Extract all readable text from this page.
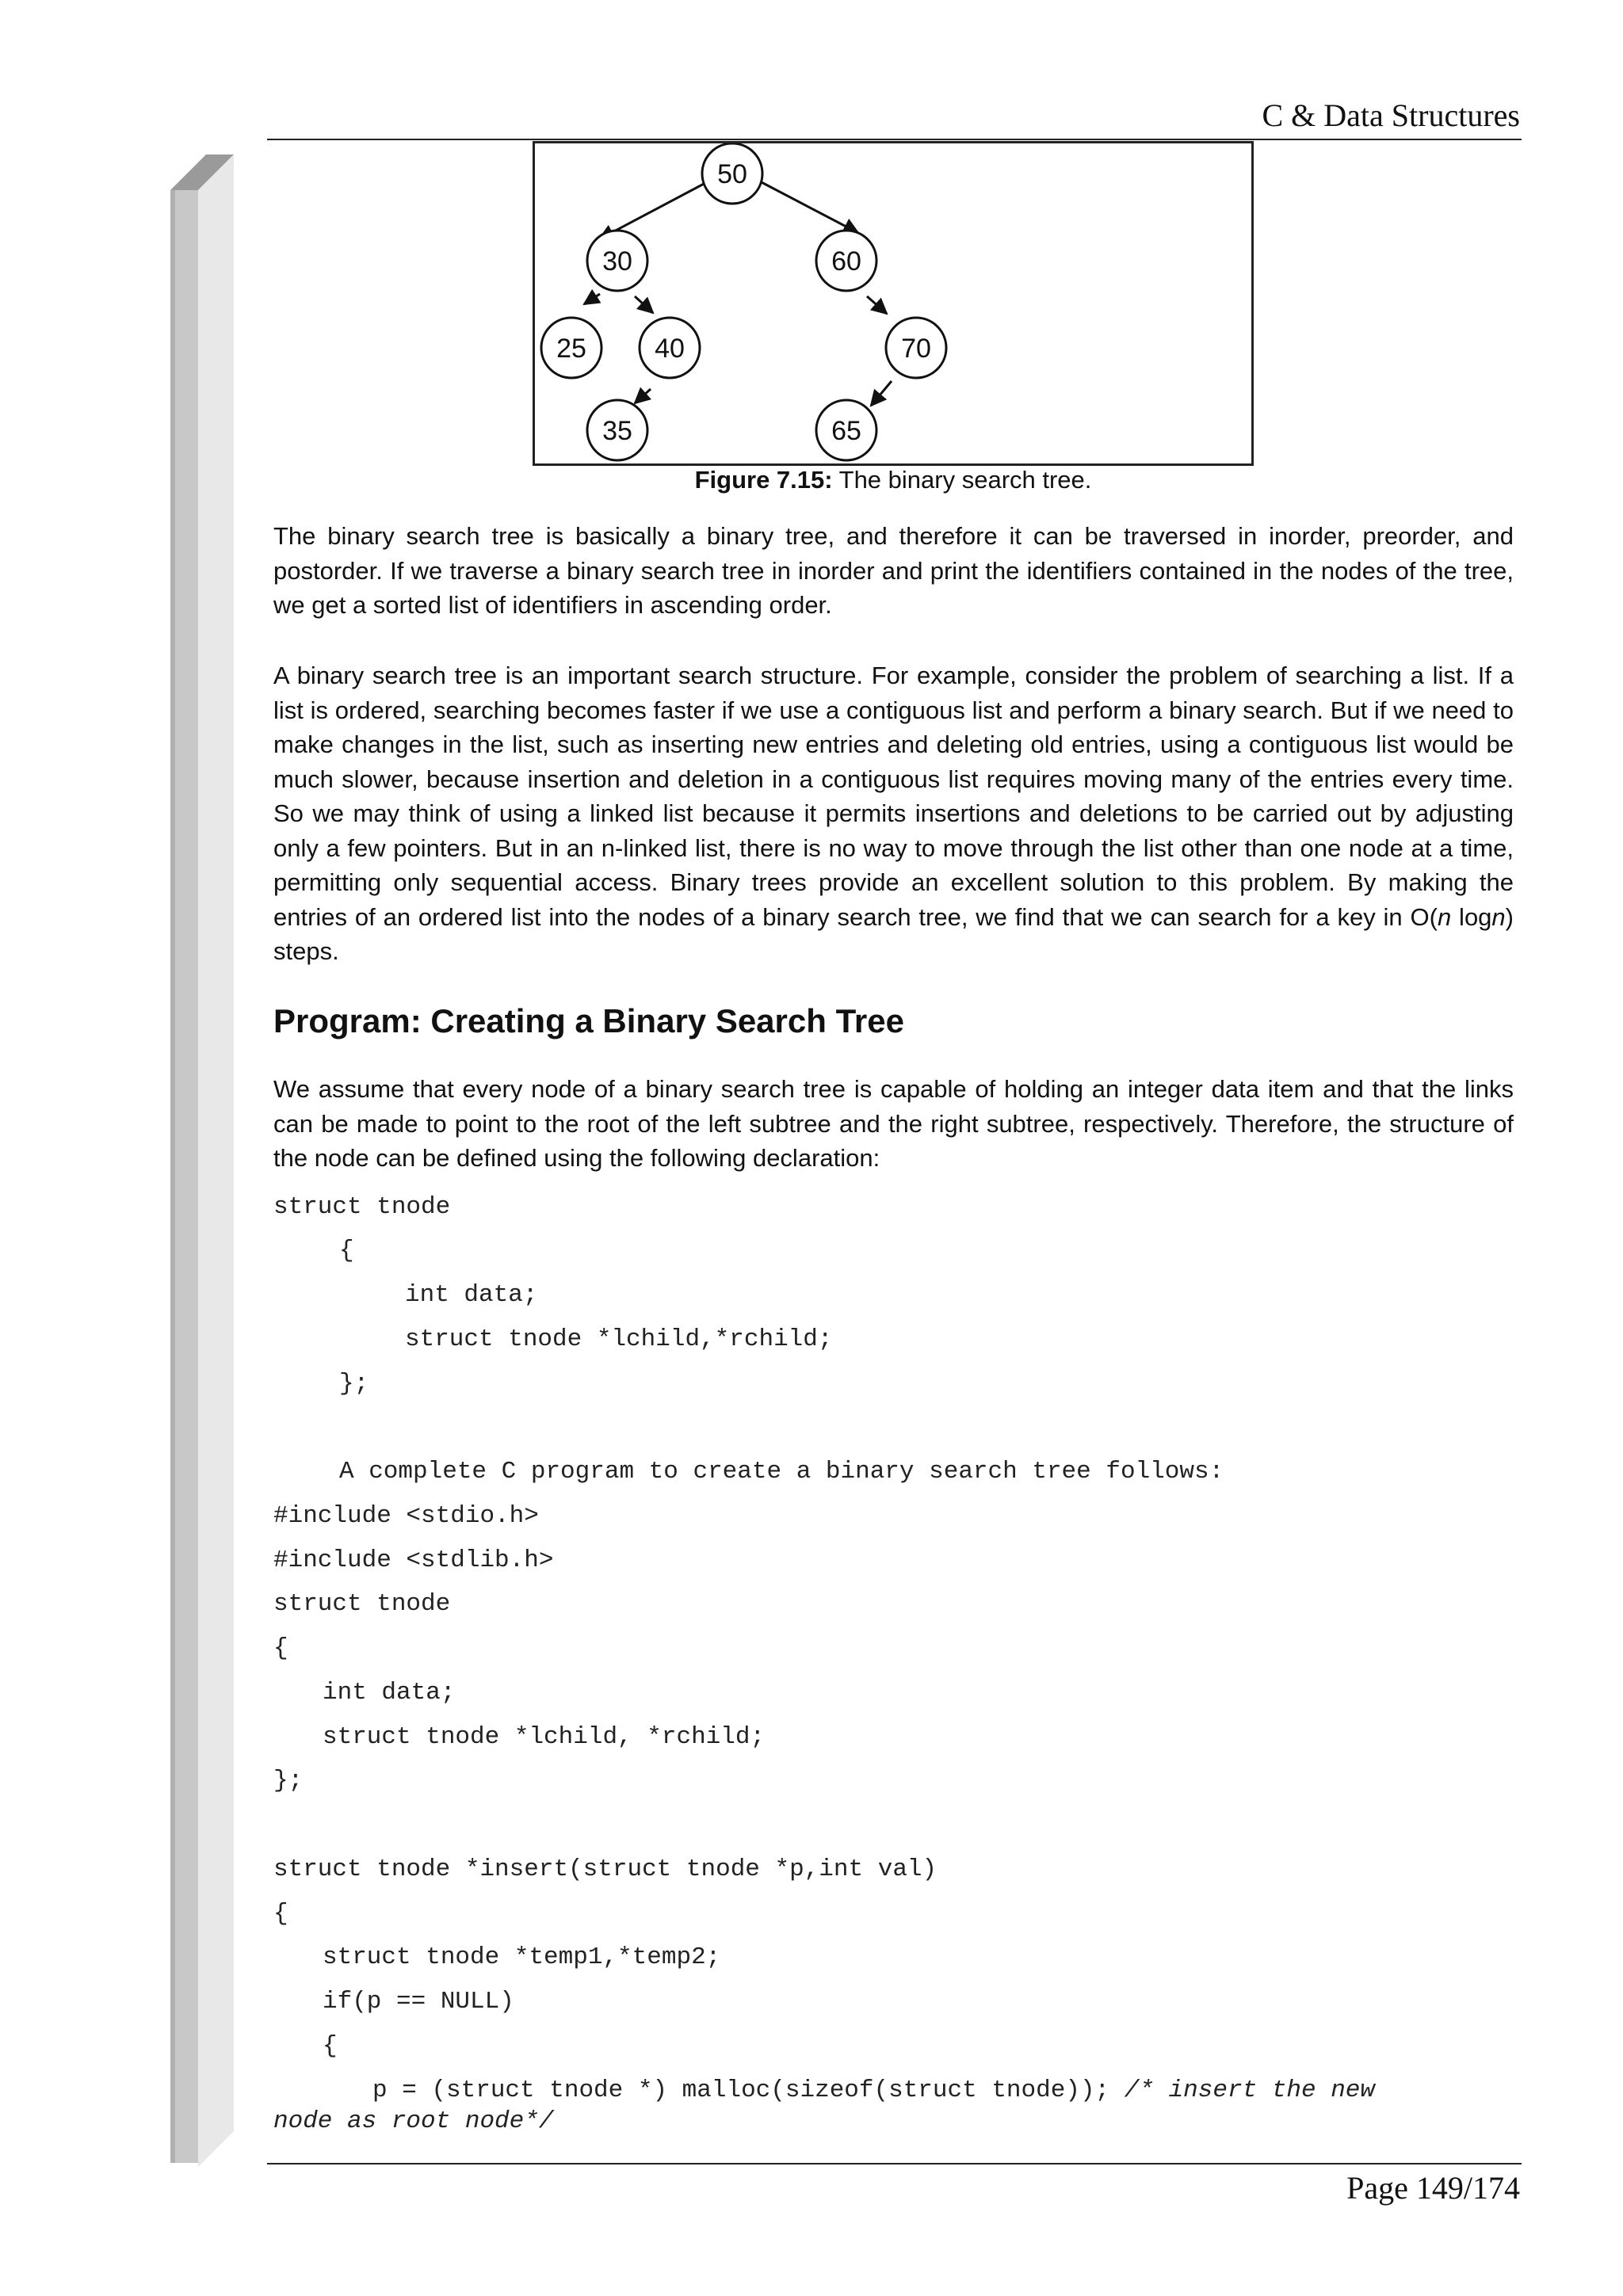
C & Data Structures
50
30	60
25	40	70
35	65
Figure 7.15: The binary search tree.

The binary search tree is basically a binary tree, and therefore it can be traversed in inorder, preorder, and postorder. If we traverse a binary search tree in inorder and print the identifiers contained in the nodes of the tree, we get a sorted list of identifiers in ascending order.

A binary search tree is an important search structure. For example, consider the problem of searching a list. If a list is ordered, searching becomes faster if we use a contiguous list and perform a binary search. But if we need to make changes in the list, such as inserting new entries and deleting old entries, using a contiguous list would be much slower, because insertion and deletion in a contiguous list requires moving many of the entries every time. So we may think of using a linked list because it permits insertions and deletions to be carried out by adjusting only a few pointers. But in an n-linked list, there is no way to move through the list other than one node at a time, permitting only sequential access. Binary trees provide an excellent solution to this problem. By making the entries of an ordered list into the nodes of a binary search tree, we find that we can search for a key in O(n logn) steps.

Program: Creating a Binary Search Tree

We assume that every node of a binary search tree is capable of holding an integer data item and that the links can be made to point to the root of the left subtree and the right subtree, respectively. Therefore, the structure of the node can be defined using the following declaration:

struct tnode
{
int data;
struct tnode *lchild,*rchild;
};
A complete C program to create a binary search tree follows:
#include <stdio.h>
#include <stdlib.h>
struct tnode
{
int data;
struct tnode *lchild, *rchild;
};
struct tnode *insert(struct tnode *p,int val)
{
struct tnode *temp1,*temp2;
if(p == NULL)
{
p = (struct tnode *) malloc(sizeof(struct tnode)); /* insert the new
node as root node*/
Page 149/174
